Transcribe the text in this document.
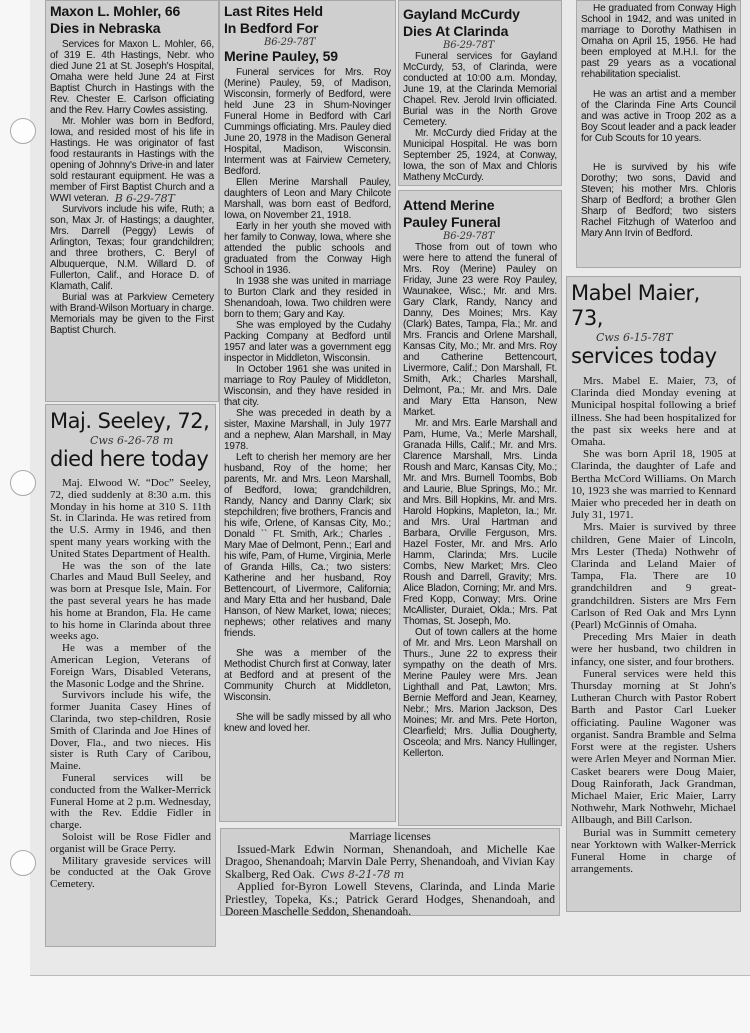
Maxon L. Mohler, 66
Dies in Nebraska

Services for Maxon L. Mohler, 66, of 319 E. 4th Hastings, Nebr. who died June 21 at St. Joseph's Hospital, Omaha were held June 24 at First Baptist Church in Hastings with the Rev. Chester E. Carlson officiating and the Rev. Harry Cowles assisting.

Mr. Mohler was born in Bedford, Iowa, and resided most of his life in Hastings. He was originator of fast food restaurants in Hastings with the opening of Johnny's Drive-in and later sold restaurant equipment. He was a member of First Baptist Church and a WWI veteran. B 6-29-78T

Survivors include his wife, Ruth; a son, Max Jr. of Hastings; a daughter, Mrs. Darrell (Peggy) Lewis of Arlington, Texas; four grandchildren; and three brothers, C. Beryl of Albuquerque, N.M. Willard D. of Fullerton, Calif., and Horace D. of Klamath, Calif.

Burial was at Parkview Cemetery with Brand-Wilson Mortuary in charge. Memorials may be given to the First Baptist Church.

Maj. Seeley, 72,
Cws 6-26-78 m
died here today

Maj. Elwood W. “Doc” Seeley, 72, died suddenly at 8:30 a.m. this Monday in his home at 310 S. 11th St. in Clarinda. He was retired from the U.S. Army in 1946, and then spent many years working with the United States Department of Health.

He was the son of the late Charles and Maud Bull Seeley, and was born at Presque Isle, Main. For the past several years he has made his home at Brandon, Fla. He came to his home in Clarinda about three weeks ago.

He was a member of the American Legion, Veterans of Foreign Wars, Disabled Veterans, the Masonic Lodge and the Shrine.

Survivors include his wife, the former Juanita Casey Hines of Clarinda, two step-children, Rosie Smith of Clarinda and Joe Hines of Dover, Fla., and two nieces. His sister is Ruth Cary of Caribou, Maine.

Funeral services will be conducted from the Walker-Merrick Funeral Home at 2 p.m. Wednesday, with the Rev. Eddie Fidler in charge.

Soloist will be Rose Fidler and organist will be Grace Perry.

Military graveside services will be conducted at the Oak Grove Cemetery.

Last Rites Held
In Bedford For
B6-29-78T
Merine Pauley, 59

Funeral services for Mrs. Roy (Merine) Pauley, 59, of Madison, Wisconsin, formerly of Bedford, were held June 23 in Shum-Novinger Funeral Home in Bedford with Carl Cummings officiating. Mrs. Pauley died June 20, 1978 in the Madison General Hospital, Madison, Wisconsin. Interment was at Fairview Cemetery, Bedford.

Ellen Merine Marshall Pauley, daughters of Leon and Mary Chilcote Marshall, was born east of Bedford, Iowa, on November 21, 1918.

Early in her youth she moved with her family to Conway, Iowa, where she attended the public schools and graduated from the Conway High School in 1936.

In 1938 she was united in marriage to Burton Clark and they resided in Shenandoah, Iowa. Two children were born to them; Gary and Kay.

She was employed by the Cudahy Packing Company at Bedford until 1957 and later was a government egg inspector in Middleton, Wisconsin.

In October 1961 she was united in marriage to Roy Pauley of Middleton, Wisconsin, and they have resided in that city.

She was preceded in death by a sister, Maxine Marshall, in July 1977 and a nephew, Alan Marshall, in May 1978.

Left to cherish her memory are her husband, Roy of the home; her parents, Mr. and Mrs. Leon Marshall, of Bedford, Iowa; grandchildren, Randy, Nancy and Danny Clark; six stepchildren; five brothers, Francis and his wife, Orlene, of Kansas City, Mo.; Donald `` Ft. Smith, Ark.; Charles . Mary Mae of Delmont, Penn.; Earl and his wife, Pam, of Hume, Virginia, Merle of Granda Hills, Ca.; two sisters: Katherine and her husband, Roy Bettencourt, of Livermore, California; and Mary Etta and her husband, Dale Hanson, of New Market, Iowa; nieces; nephews; other relatives and many friends.

She was a member of the Methodist Church first at Conway, later at Bedford and at present of the Community Church at Middleton, Wisconsin.

She will be sadly missed by all who knew and loved her.

Gayland McCurdy
Dies At Clarinda
B6-29-78T

Funeral services for Gayland McCurdy, 53, of Clarinda, were conducted at 10:00 a.m. Monday, June 19, at the Clarinda Memorial Chapel. Rev. Jerold Irvin officiated. Burial was in the North Grove Cemetery.

Mr. McCurdy died Friday at the Municipal Hospital. He was born September 25, 1924, at Conway, Iowa, the son of Max and Chloris Matheny McCurdy.

Attend Merine
Pauley Funeral
B6-29-78T

Those from out of town who were here to attend the funeral of Mrs. Roy (Merine) Pauley on Friday, June 23 were Roy Pauley, Waunakee, Wisc.; Mr. and Mrs. Gary Clark, Randy, Nancy and Danny, Des Moines; Mrs. Kay (Clark) Bates, Tampa, Fla.; Mr. and Mrs. Francis and Orlene Marshall, Kansas City, Mo.; Mr. and Mrs. Roy and Catherine Bettencourt, Livermore, Calif.; Don Marshall, Ft. Smith, Ark.; Charles Marshall, Delmont, Pa.; Mr. and Mrs. Dale and Mary Etta Hanson, New Market.

Mr. and Mrs. Earle Marshall and Pam, Hume, Va.; Merle Marshall, Granada Hills, Calif.; Mr. and Mrs. Clarence Marshall, Mrs. Linda Roush and Marc, Kansas City, Mo.; Mr. and Mrs. Burnell Toombs, Bob and Laurie, Blue Springs, Mo.; Mr. and Mrs. Bill Hopkins, Mr. and Mrs. Harold Hopkins, Mapleton, Ia.; Mr. and Mrs. Ural Hartman and Barbara, Orville Ferguson, Mrs. Hazel Foster, Mr. and Mrs. Arlo Hamm, Clarinda; Mrs. Lucile Combs, New Market; Mrs. Cleo Roush and Darrell, Gravity; Mrs. Alice Bladon, Corning; Mr. and Mrs. Fred Kopp, Conway; Mrs. Orine McAllister, Duraiet, Okla.; Mrs. Pat Thomas, St. Joseph, Mo.

Out of town callers at the home of Mr. and Mrs. Leon Marshall on Thurs., June 22 to express their sympathy on the death of Mrs. Merine Pauley were Mrs. Jean Lighthall and Pat, Lawton; Mrs. Bernie Mefford and Jean, Kearney, Nebr.; Mrs. Marion Jackson, Des Moines; Mr. and Mrs. Pete Horton, Clearfield; Mrs. Jullia Dougherty, Osceola; and Mrs. Nancy Hullinger, Kellerton.

He graduated from Conway High School in 1942, and was united in marriage to Dorothy Mathisen in Omaha on April 15, 1956. He had been employed at M.H.I. for the past 29 years as a vocational rehabilitation specialist.

He was an artist and a member of the Clarinda Fine Arts Council and was active in Troop 202 as a Boy Scout leader and a pack leader for Cub Scouts for 10 years.

He is survived by his wife Dorothy; two sons, David and Steven; his mother Mrs. Chloris Sharp of Bedford; a brother Glen Sharp of Bedford; two sisters Rachel Fitzhugh of Waterloo and Mary Ann Irvin of Bedford.

Mabel Maier, 73,
Cws 6-15-78T
services today

Mrs. Mabel E. Maier, 73, of Clarinda died Monday evening at Municipal hospital following a brief illness. She had been hospitalized for the past six weeks here and at Omaha.

She was born April 18, 1905 at Clarinda, the daughter of Lafe and Bertha McCord Williams. On March 10, 1923 she was married to Kennard Maier who preceded her in death on July 31, 1971.

Mrs. Maier is survived by three children, Gene Maier of Lincoln, Mrs Lester (Theda) Nothwehr of Clarinda and Leland Maier of Tampa, Fla. There are 10 grandchildren and 9 great-grandchildren. Sisters are Mrs Fern Carlson of Red Oak and Mrs Lynn (Pearl) McGinnis of Omaha.

Preceding Mrs Maier in death were her husband, two children in infancy, one sister, and four brothers.

Funeral services were held this Thursday morning at St John's Lutheran Church with Pastor Robert Barth and Pastor Carl Lueker officiating. Pauline Wagoner was organist. Sandra Bramble and Selma Forst were at the register. Ushers were Arlen Meyer and Norman Mier. Casket bearers were Doug Maier, Doug Rainforath, Jack Grandman, Michael Maier, Eric Maier, Larry Nothwehr, Mark Nothwehr, Michael Allbaugh, and Bill Carlson.

Burial was in Summitt cemetery near Yorktown with Walker-Merrick Funeral Home in charge of arrangements.

Marriage licenses

Issued-Mark Edwin Norman, Shenandoah, and Michelle Kae Dragoo, Shenandoah; Marvin Dale Perry, Shenandoah, and Vivian Kay Skalberg, Red Oak. Cws 8-21-78 m

Applied for-Byron Lowell Stevens, Clarinda, and Linda Marie Priestley, Topeka, Ks.; Patrick Gerard Hodges, Shenandoah, and Doreen Maschelle Seddon, Shenandoah.
